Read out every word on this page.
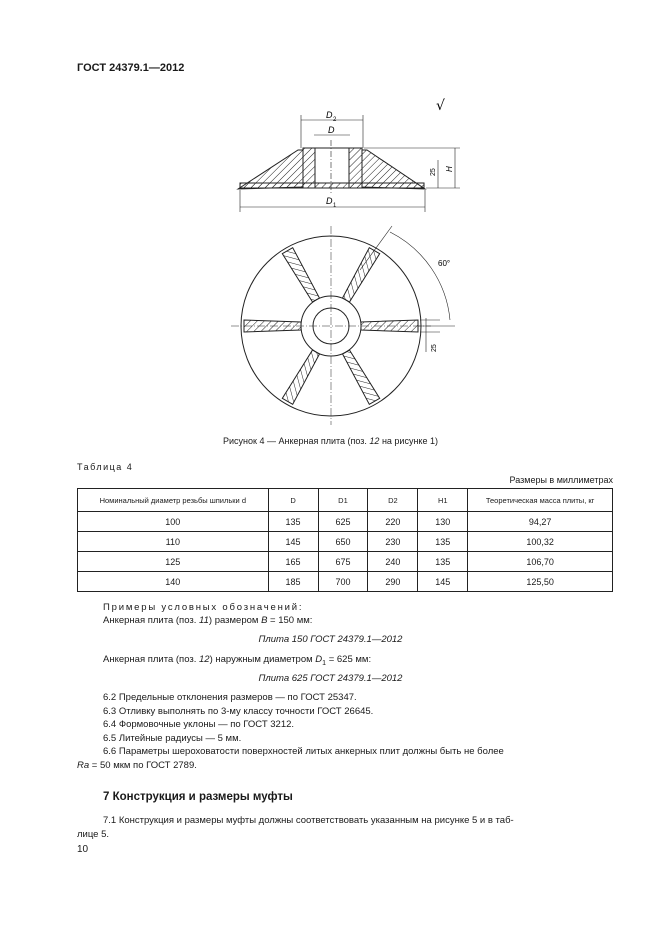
ГОСТ 24379.1—2012
√
D 2
D
D 1
H
25
60°
25
Рисунок 4 — Анкерная плита (поз. 12 на рисунке 1)
Таблица 4
Размеры в миллиметрах
Номинальный диаметр резьбы шпильки d	D	D1	D2	H1	Теоретическая масса плиты, кг
100	135	625	220	130	94,27
110	145	650	230	135	100,32
125	165	675	240	135	106,70
140	185	700	290	145	125,50
Примеры условных обозначений:
Анкерная плита (поз. 11) размером B = 150 мм:
Плита 150 ГОСТ 24379.1—2012
Анкерная плита (поз. 12) наружным диаметром $D_1 = 625$ мм:
Плита 625 ГОСТ 24379.1—2012
6.2 Предельные отклонения размеров — по ГОСТ 25347.
6.3 Отливку выполнять по 3-му классу точности ГОСТ 26645.
6.4 Формовочные уклоны — по ГОСТ 3212.
6.5 Литейные радиусы — 5 мм.
6.6 Параметры шероховатости поверхностей литых анкерных плит должны быть не более
Ra = 50 мкм по ГОСТ 2789.
7 Конструкция и размеры муфты
7.1 Конструкция и размеры муфты должны соответствовать указанным на рисунке 5 и в таб-
лице 5.
10
